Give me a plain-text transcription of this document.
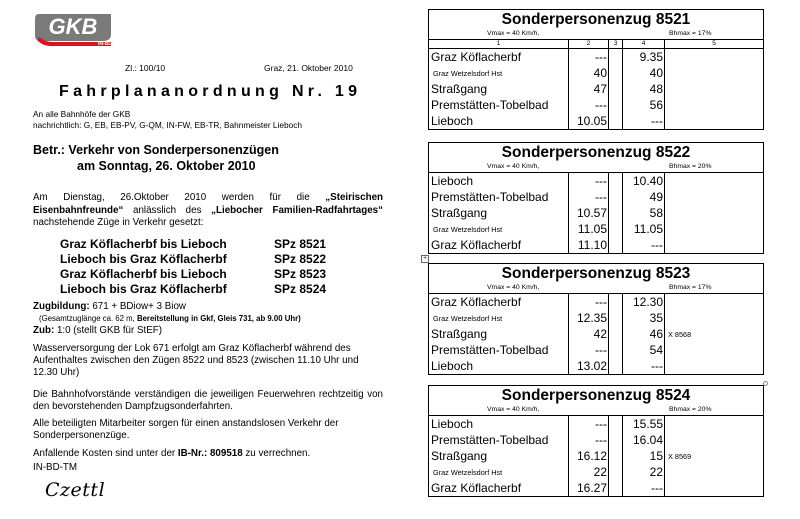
GKB
IN-BD
Zl.: 100/10	Graz, 21. Oktober 2010
Fahrplananordnung Nr. 19
An alle Bahnhöfe der GKB
nachrichtlich: G, EB, EB-PV, G-QM, IN-FW, EB-TR, Bahnmeister Lieboch
Betr.: Verkehr von Sonderpersonenzügen
am Sonntag, 26. Oktober 2010
Am Dienstag, 26.Oktober 2010 werden für die „Steirischen Eisenbahnfreunde“ anlässlich des „Liebocher Familien-Radfahrtages“ nachstehende Züge in Verkehr gesetzt:
Graz Köflacherbf bis Lieboch	SPz 8521
Lieboch bis Graz Köflacherbf	SPz 8522
Graz Köflacherbf bis Lieboch	SPz 8523
Lieboch bis Graz Köflacherbf	SPz 8524
Zugbildung: 671 + BDiow+ 3 Biow
(Gesamtzuglänge ca. 62 m, Bereitstellung in Gkf, Gleis 731, ab 9.00 Uhr)
Zub: 1:0 (stellt GKB für StEF)
Wasserversorgung der Lok 671 erfolgt am Graz Köflacherbf während des Aufenthaltes zwischen den Zügen 8522 und 8523 (zwischen 11.10 Uhr und 12.30 Uhr)
Die Bahnhofvorstände verständigen die jeweiligen Feuerwehren rechtzeitig von den bevorstehenden Dampfzugsonderfahrten.
Alle beteiligten Mitarbeiter sorgen für einen anstandslosen Verkehr der Sonderpersonenzüge.
Anfallende Kosten sind unter der IB-Nr.: 809518 zu verrechnen.
IN-BD-TM
Czettl
+
Sonderpersonenzug 8521
Vmax = 40 Km/h,	Bhmax = 17%
1	2	3	4	5
Graz Köflacherbf	---	9.35
Graz Wetzelsdorf Hst	40	40
Straßgang	47	48
Premstätten-Tobelbad	---	56
Lieboch	10.05	---
Sonderpersonenzug 8522
Vmax = 40 Km/h,	Bhmax = 20%
Lieboch	---	10.40
Premstätten-Tobelbad	---	49
Straßgang	10.57	58
Graz Wetzelsdorf Hst	11.05	11.05
Graz Köflacherbf	11.10	---
Sonderpersonenzug 8523
Vmax = 40 Km/h,	Bhmax = 17%
Graz Köflacherbf	---	12.30
Graz Wetzelsdorf Hst	12.35	35
Straßgang	42	46 X 8568
Premstätten-Tobelbad	---	54
Lieboch	13.02	---
Sonderpersonenzug 8524
Vmax = 40 Km/h,	Bhmax = 20%
Lieboch	---	15.55
Premstätten-Tobelbad	---	16.04
Straßgang	16.12	15 X 8569
Graz Wetzelsdorf Hst	22	22
Graz Köflacherbf	16.27	---
